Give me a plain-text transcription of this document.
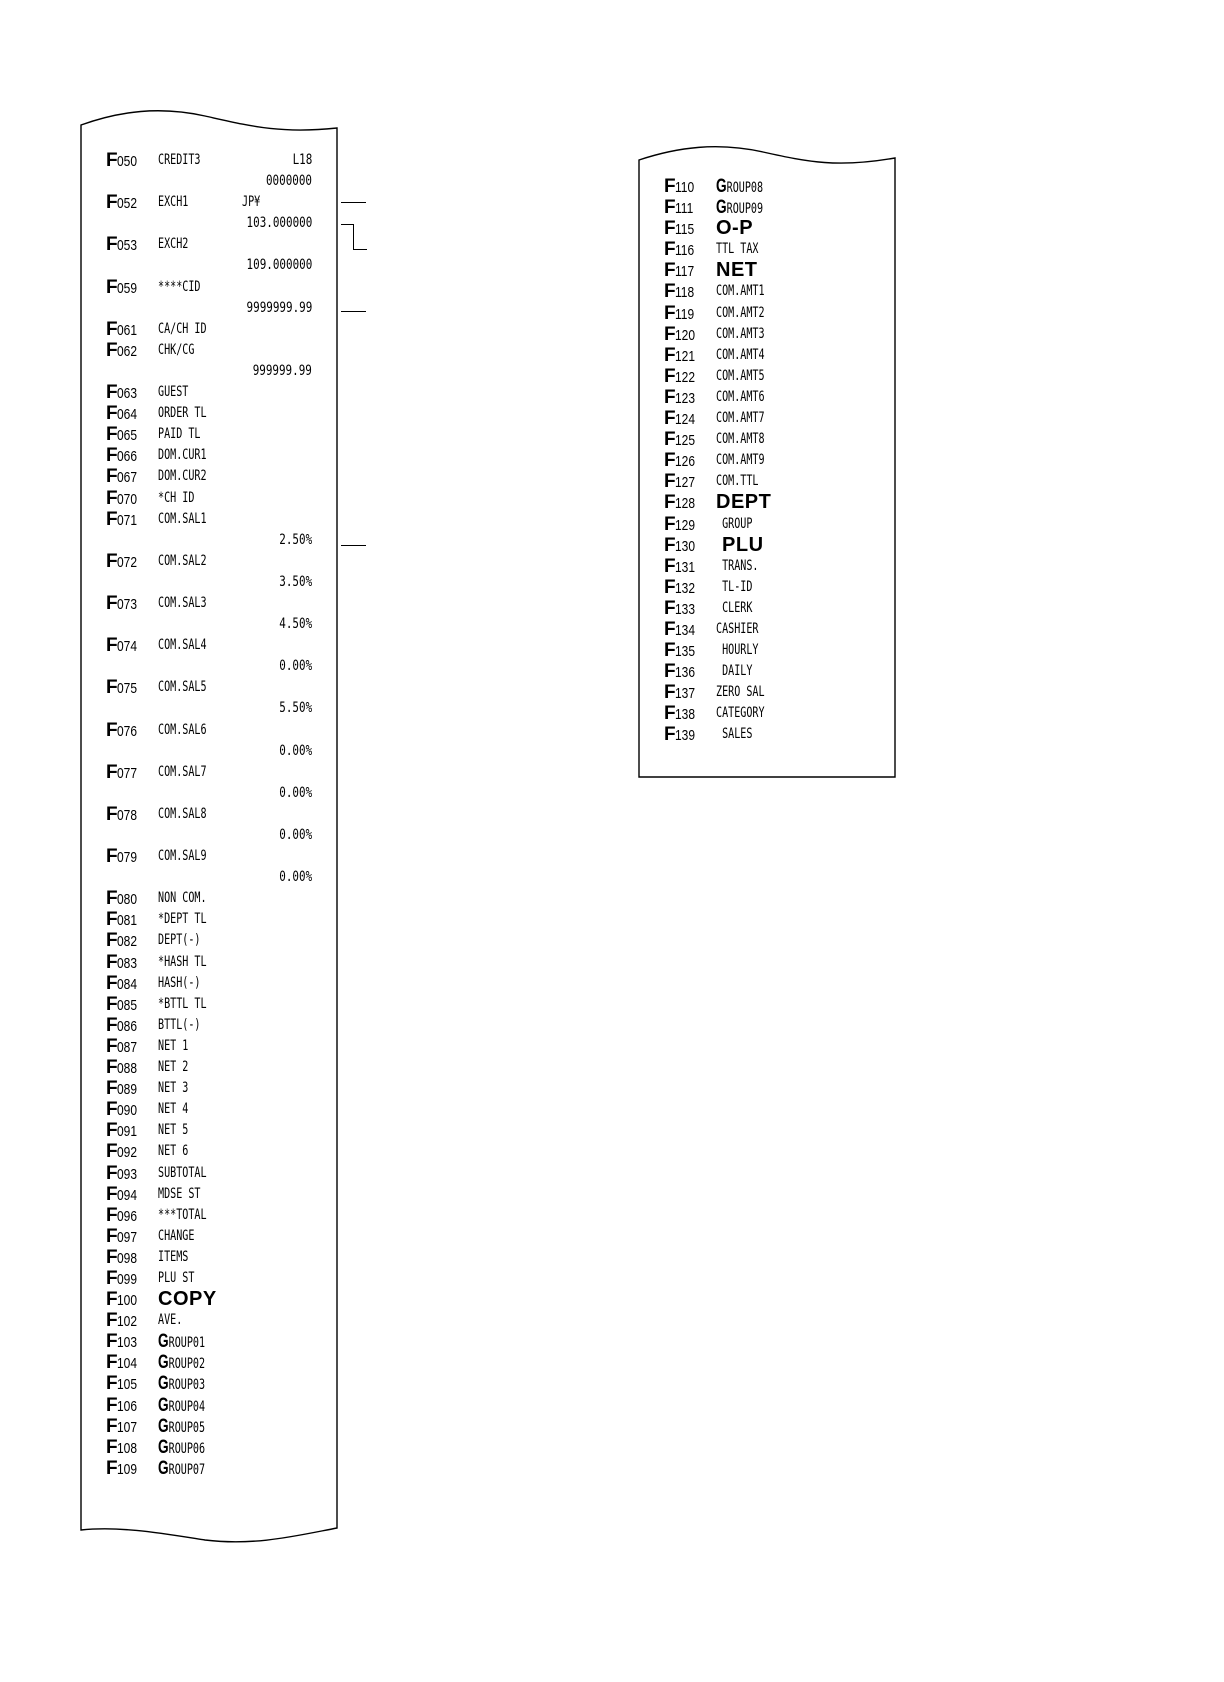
F050 CREDIT3	L18
0000000
F052 EXCH1	JP¥
103.000000
F053 EXCH2
109.000000
F059 ****CID
9999999.99
F061 CA/CH ID
F062 CHK/CG
999999.99
F063 GUEST
F064 ORDER TL
F065 PAID TL
F066 DOM.CUR1
F067 DOM.CUR2
F070 *CH ID
F071 COM.SAL1
2.50%
F072 COM.SAL2
3.50%
F073 COM.SAL3
4.50%
F074 COM.SAL4
0.00%
F075 COM.SAL5
5.50%
F076 COM.SAL6
0.00%
F077 COM.SAL7
0.00%
F078 COM.SAL8
0.00%
F079 COM.SAL9
0.00%
F080 NON COM.
F081 *DEPT TL
F082 DEPT(-)
F083 *HASH TL
F084 HASH(-)
F085 *BTTL TL
F086 BTTL(-)
F087 NET 1
F088 NET 2
F089 NET 3
F090 NET 4
F091 NET 5
F092 NET 6
F093 SUBTOTAL
F094 MDSE ST
F096 ***TOTAL
F097 CHANGE
F098 ITEMS
F099 PLU ST
F100 COPY
F102 AVE.
F103 GROUP01
F104 GROUP02
F105 GROUP03
F106 GROUP04
F107 GROUP05
F108 GROUP06
F109 GROUP07
F110 GROUP08
F111 GROUP09
F115 O-P
F116 TTL TAX
F117 NET
F118 COM.AMT1
F119 COM.AMT2
F120 COM.AMT3
F121 COM.AMT4
F122 COM.AMT5
F123 COM.AMT6
F124 COM.AMT7
F125 COM.AMT8
F126 COM.AMT9
F127 COM.TTL
F128 DEPT
F129 GROUP
F130 PLU
F131 TRANS.
F132 TL-ID
F133 CLERK
F134 CASHIER
F135 HOURLY
F136 DAILY
F137 ZERO SAL
F138 CATEGORY
F139 SALES
